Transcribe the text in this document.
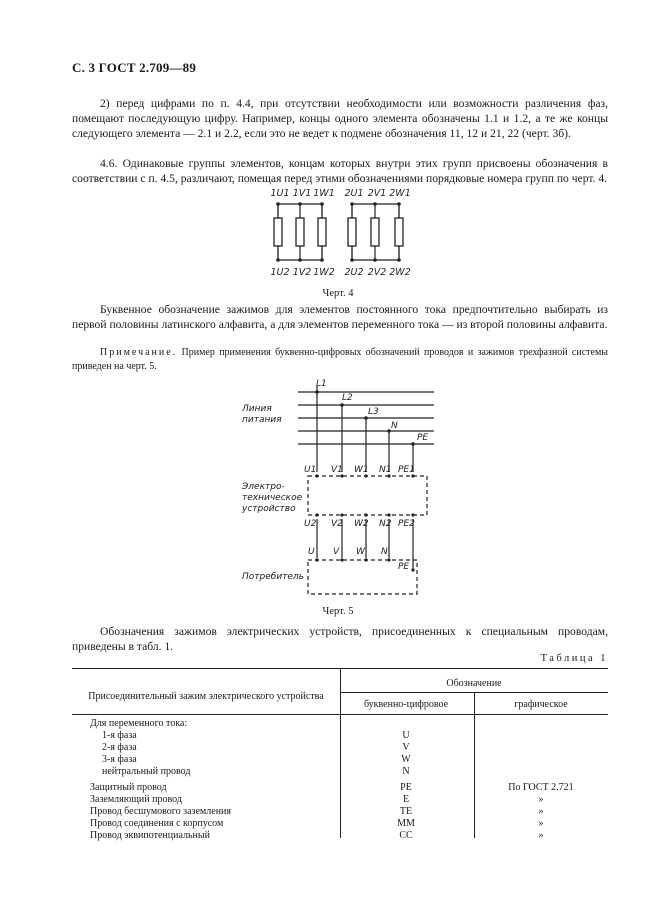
С. 3 ГОСТ 2.709—89
2) перед цифрами по п. 4.4, при отсутствии необходимости или возможности различения фаз, помещают последующую цифру. Например, концы одного элемента обозначены 1.1 и 1.2, а те же концы следующего элемента — 2.1 и 2.2, если это не ведет к подмене обозначения 11, 12 и 21, 22 (черт. 3б).
4.6. Одинаковые группы элементов, концам которых внутри этих групп присвоены обозначения в соответствии с п. 4.5, различают, помещая перед этими обозначениями порядковые номера групп по черт. 4.
1U1 1V1 1W1 2U1 2V1 2W1
1U2 1V2 1W2 2U2 2V2 2W2
Черт. 4
Буквенное обозначение зажимов для элементов постоянного тока предпочтительно выбирать из первой половины латинского алфавита, а для элементов переменного тока — из второй половины алфавита.
Примечание. Пример применения буквенно-цифровых обозначений проводов и зажимов трехфазной системы приведен на черт. 5.
L1
L2
L3
N
PE
U1 V1 W1 N1 PE1
U2 V2 W2 N2 PE2
U V W N
PE
Линия питания
Электро-техническое устройство
Потребитель
Черт. 5
Обозначения зажимов электрических устройств, присоединенных к специальным проводам, приведены в табл. 1.
Таблица 1
Присоединительный зажим электрического устройства
Обозначение
буквенно-цифровое	графическое
Для переменного тока:
1-я фаза	U
2-я фаза	V
3-я фаза	W
нейтральный провод	N
Защитный провод	PE	По ГОСТ 2.721
Заземляющий провод	E	»
Провод бесшумового заземления	TE	»
Провод соединения с корпусом	MM	»
Провод эквипотенциальный	CC	»
